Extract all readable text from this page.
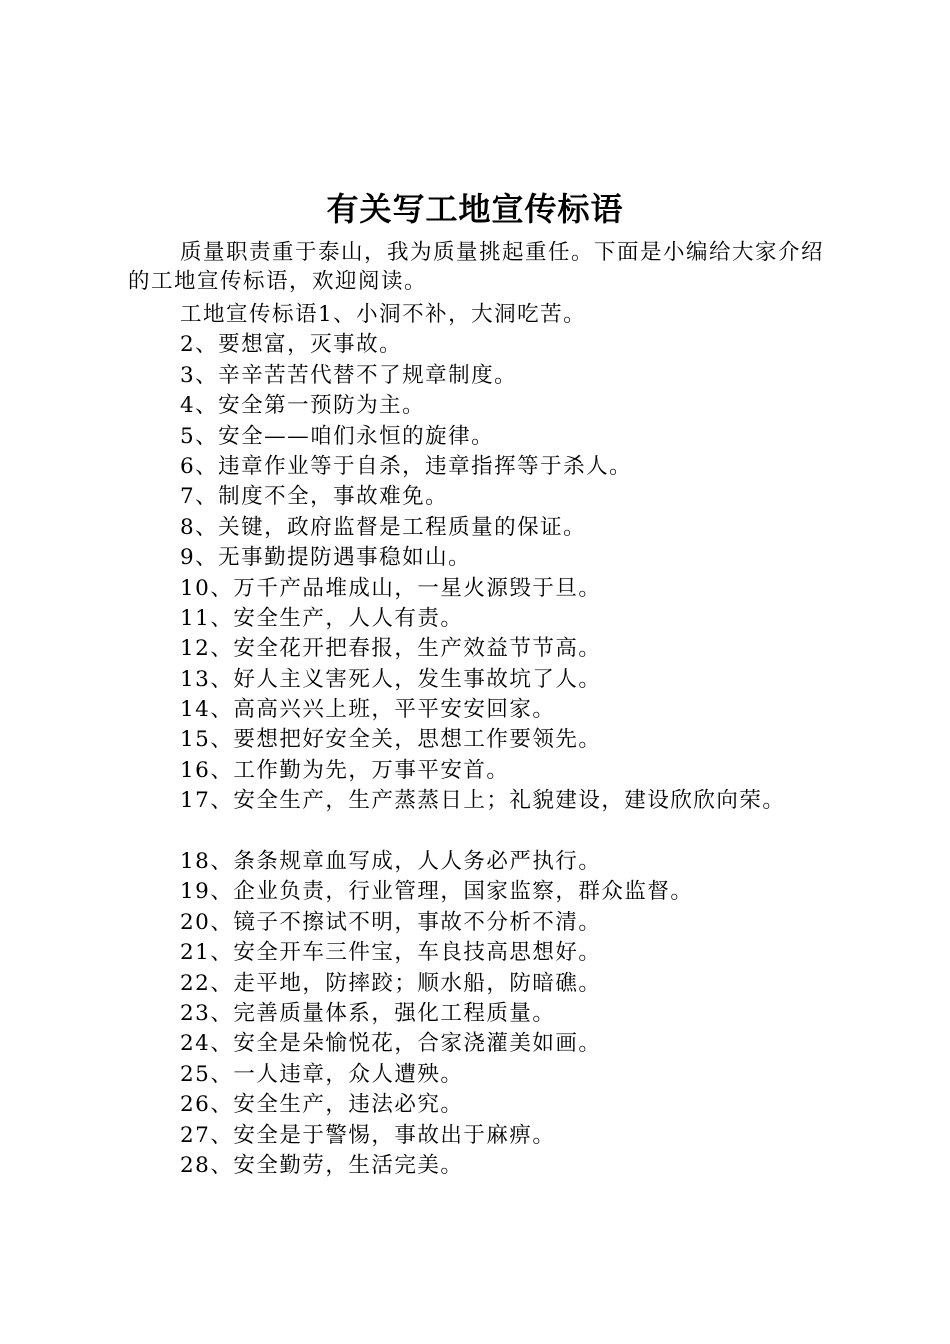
有关写工地宣传标语

质量职责重于泰山，我为质量挑起重任。下面是小编给大家介绍的工地宣传标语，欢迎阅读。

工地宣传标语1、小洞不补，大洞吃苦。
2、要想富，灭事故。
3、辛辛苦苦代替不了规章制度。
4、安全第一预防为主。
5、安全——咱们永恒的旋律。
6、违章作业等于自杀，违章指挥等于杀人。
7、制度不全，事故难免。
8、关键，政府监督是工程质量的保证。
9、无事勤提防遇事稳如山。
10、万千产品堆成山，一星火源毁于旦。
11、安全生产，人人有责。
12、安全花开把春报，生产效益节节高。
13、好人主义害死人，发生事故坑了人。
14、高高兴兴上班，平平安安回家。
15、要想把好安全关，思想工作要领先。
16、工作勤为先，万事平安首。
17、安全生产，生产蒸蒸日上；礼貌建设，建设欣欣向荣。
18、条条规章血写成，人人务必严执行。
19、企业负责，行业管理，国家监察，群众监督。
20、镜子不擦试不明，事故不分析不清。
21、安全开车三件宝，车良技高思想好。
22、走平地，防摔跤；顺水船，防暗礁。
23、完善质量体系，强化工程质量。
24、安全是朵愉悦花，合家浇灌美如画。
25、一人违章，众人遭殃。
26、安全生产，违法必究。
27、安全是于警惕，事故出于麻痹。
28、安全勤劳，生活完美。
